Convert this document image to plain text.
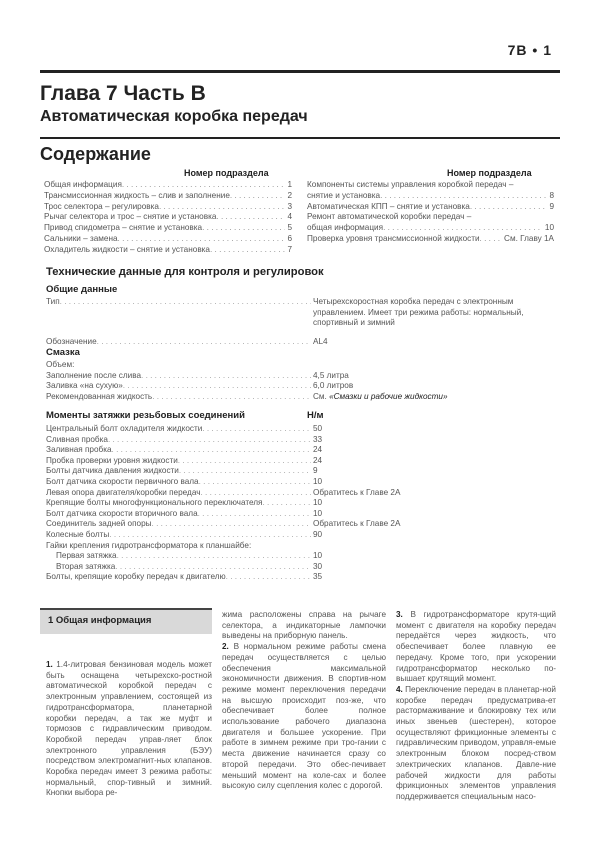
7B • 1
Глава 7 Часть B
Автоматическая коробка передач
Содержание
Номер подраздела
Общая информация . . .	1
Трансмиссионная жидкость – слив и заполнение . . .	2
Трос селектора – регулировка . . .	3
Рычаг селектора и трос – снятие и установка . . .	4
Привод спидометра – снятие и установка . . .	5
Сальники – замена . . .	6
Охладитель жидкости – снятие и установка . . .	7
Номер подраздела
Компоненты системы управления коробкой передач –
снятие и установка . . .	8
Автоматическая КПП – снятие и установка . . .	9
Ремонт автоматической коробки передач –
общая информация . . .	10
Проверка уровня трансмиссионной жидкости . . .	См. Главу 1А
Технические данные для контроля и регулировок
Общие данные
Тип . . .	Четырехскоростная коробка передач с электронным
управлением. Имеет три режима работы: нормальный,
спортивный и зимний
Обозначение . . .	AL4
Смазка
Объем:
Заполнение после слива . . .	4,5 литра
Заливка «на сухую» . . .	6,0 литров
Рекомендованная жидкость . . .	См. «Смазки и рабочие жидкости»
Моменты затяжки резьбовых соединений	Н/м
Центральный болт охладителя жидкости . . .	50
Сливная пробка . . .	33
Заливная пробка . . .	24
Пробка проверки уровня жидкости . . .	24
Болты датчика давления жидкости . . .	9
Болт датчика скорости первичного вала . . .	10
Левая опора двигателя/коробки передач . . .	Обратитесь к Главе 2А
Крепящие болты многофункционального переключателя . . .	10
Болт датчика скорости вторичного вала . . .	10
Соединитель задней опоры . . .	Обратитесь к Главе 2А
Колесные болты . . .	90
Гайки крепления гидротрансформатора к планшайбе:
Первая затяжка . . .	10
Вторая затяжка . . .	30
Болты, крепящие коробку передач к двигателю . . .	35
1 Общая информация

1. 1.4-литровая бензиновая модель может быть оснащена четырехско-ростной автоматической коробкой передач с электронным управлением, состоящей из гидротрансформатора, планетарной коробки передач, а так же муфт и тормозов с гидравлическим приводом. Коробкой передач управ-ляет блок электронного управления (БЭУ) посредством электромагнит-ных клапанов. Коробка передач имеет 3 режима работы: нормальный, спор-тивный и зимний. Кнопки выбора ре-

жима расположены справа на рычаге селектора, а индикаторные лампочки выведены на приборную панель.

2. В нормальном режиме работы смена передач осуществляется с целью обеспечения максимальной экономичности движения. В спортив-ном режиме момент переключения передачи на высшую происходит поз-же, что обеспечивает более полное использование рабочего диапазона двигателя и большее ускорение. При работе в зимнем режиме при тро-гании с места движение начинается сразу со второй передачи. Это обес-печивает меньший момент на коле-сах и более высокую силу сцепления колес с дорогой.

3. В гидротрансформаторе крутя-щий момент с двигателя на коробку передач передаётся через жидкость, что обеспечивает более плавную ее передачу. Кроме того, при ускорении гидротрансформатор несколько по-вышает крутящий момент.

4. Переключение передач в планетар-ной коробке передач предусматрива-ет растормаживание и блокировку тех или иных звеньев (шестерен), которое осуществляют фрикционные элементы с гидравлическим приводом, управля-емые электронным блоком посред-ством электрических клапанов. Давле-ние рабочей жидкости для работы фрикционных элементов управления поддерживается специальным насо-
